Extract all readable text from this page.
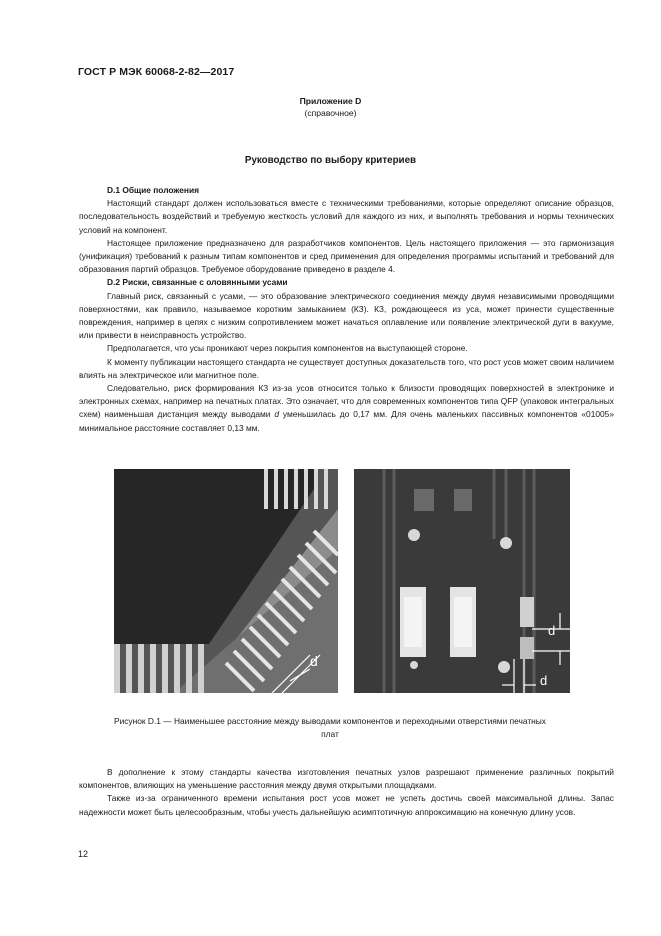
ГОСТ Р МЭК 60068-2-82—2017
Приложение D
(справочное)
Руководство по выбору критериев

D.1 Общие положения

Настоящий стандарт должен использоваться вместе с техническими требованиями, которые определяют описание образцов, последовательность воздействий и требуемую жесткость условий для каждого из них, и выполнять требования и нормы технических условий на компонент.

Настоящее приложение предназначено для разработчиков компонентов. Цель настоящего приложения — это гармонизация (унификация) требований к разным типам компонентов и сред применения для определения программы испытаний и требований для образования партий образцов. Требуемое оборудование приведено в разделе 4.

D.2 Риски, связанные с оловянными усами

Главный риск, связанный с усами, — это образование электрического соединения между двумя независимыми проводящими поверхностями, как правило, называемое коротким замыканием (КЗ). КЗ, рождающееся из уса, может принести существенные повреждения, например в цепях с низким сопротивлением может начаться оплавление или появление электрической дуги в вакууме, или привести в неисправность устройство.

Предполагается, что усы проникают через покрытия компонентов на выступающей стороне.

К моменту публикации настоящего стандарта не существует доступных доказательств того, что рост усов может своим наличием влиять на электрическое или магнитное поле.

Следовательно, риск формирования КЗ из-за усов относится только к близости проводящих поверхностей в электронике и электронных схемах, например на печатных платах. Это означает, что для современных компонентов типа QFP (упаковок интегральных схем) наименьшая дистанция между выводами d уменьшилась до 0,17 мм. Для очень маленьких пассивных компонентов «01005» минимальное расстояние составляет 0,13 мм.

d
d
d
Рисунок D.1 — Наименьшее расстояние между выводами компонентов и переходными отверстиями печатных
плат

В дополнение к этому стандарты качества изготовления печатных узлов разрешают применение различных покрытий компонентов, влияющих на уменьшение расстояния между двумя открытыми площадками.

Также из-за ограниченного времени испытания рост усов может не успеть достичь своей максимальной длины. Запас надежности может быть целесообразным, чтобы учесть дальнейшую асимптотичную аппроксимацию на конечную длину усов.

12
